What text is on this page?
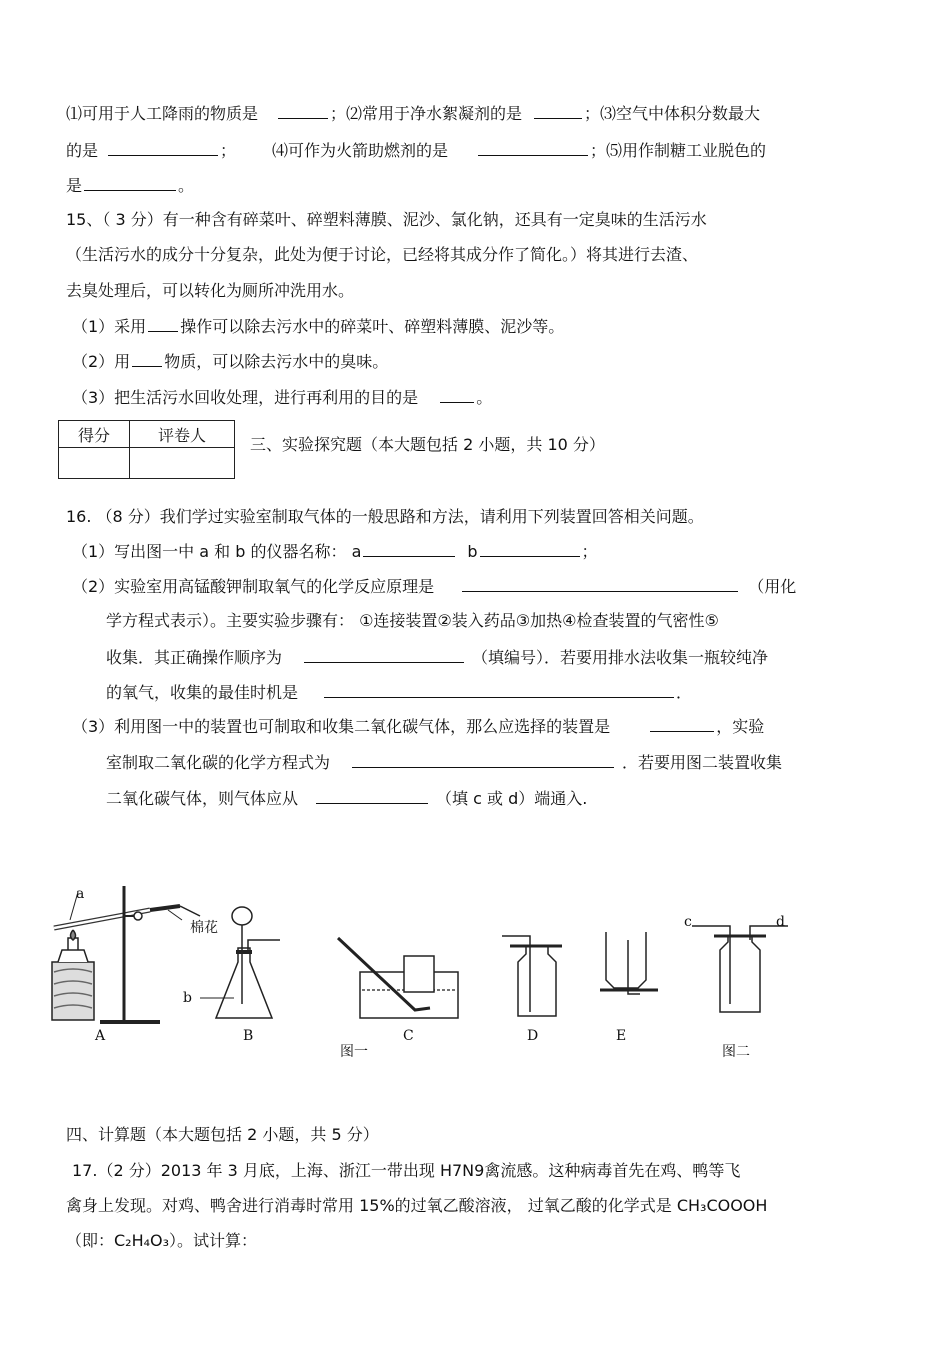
⑴可用于人工降雨的物质是	；⑵常用于净水絮凝剂的是	；⑶空气中体积分数最大
的是	； ⑷可作为火箭助燃剂的是	；⑸用作制糖工业脱色的
是	。
15、（ 3 分）有一种含有碎菜叶、碎塑料薄膜、泥沙、氯化钠，还具有一定臭味的生活污水
（生活污水的成分十分复杂，此处为便于讨论，已经将其成分作了简化。）将其进行去渣、
去臭处理后，可以转化为厕所冲洗用水。
（1）采用 操作可以除去污水中的碎菜叶、碎塑料薄膜、泥沙等。
（2）用 物质，可以除去污水中的臭味。
（3）把生活污水回收处理，进行再利用的目的是	。
得分	评卷人
		三、实验探究题（本大题包括 2 小题，共 10 分）
16. （8 分）我们学过实验室制取气体的一般思路和方法，请利用下列装置回答相关问题。
（1）写出图一中 a 和 b 的仪器名称： a	b	；
（2）实验室用高锰酸钾制取氧气的化学反应原理是	（用化
学方程式表示）。主要实验步骤有： ①连接装置②装入药品③加热④检查装置的气密性⑤
收集．其正确操作顺序为	（填编号）．若要用排水法收集一瓶较纯净
的氧气，收集的最佳时机是	．
（3）利用图一中的装置也可制取和收集二氧化碳气体，那么应选择的装置是	，实验
室制取二氧化碳的化学方程式为	．若要用图二装置收集
二氧化碳气体，则气体应从	（填 c 或 d）端通入.
a
棉花
A
b
B	C	D	E
c	d
图一	图二
四、计算题（本大题包括 2 小题，共 5 分）
17.（2 分）2013 年 3 月底，上海、浙江一带出现 H7N9禽流感。这种病毒首先在鸡、鸭等飞
禽身上发现。对鸡、鸭舍进行消毒时常用 15%的过氧乙酸溶液， 过氧乙酸的化学式是 CH₃COOOH
（即：C₂H₄O₃）。试计算：
